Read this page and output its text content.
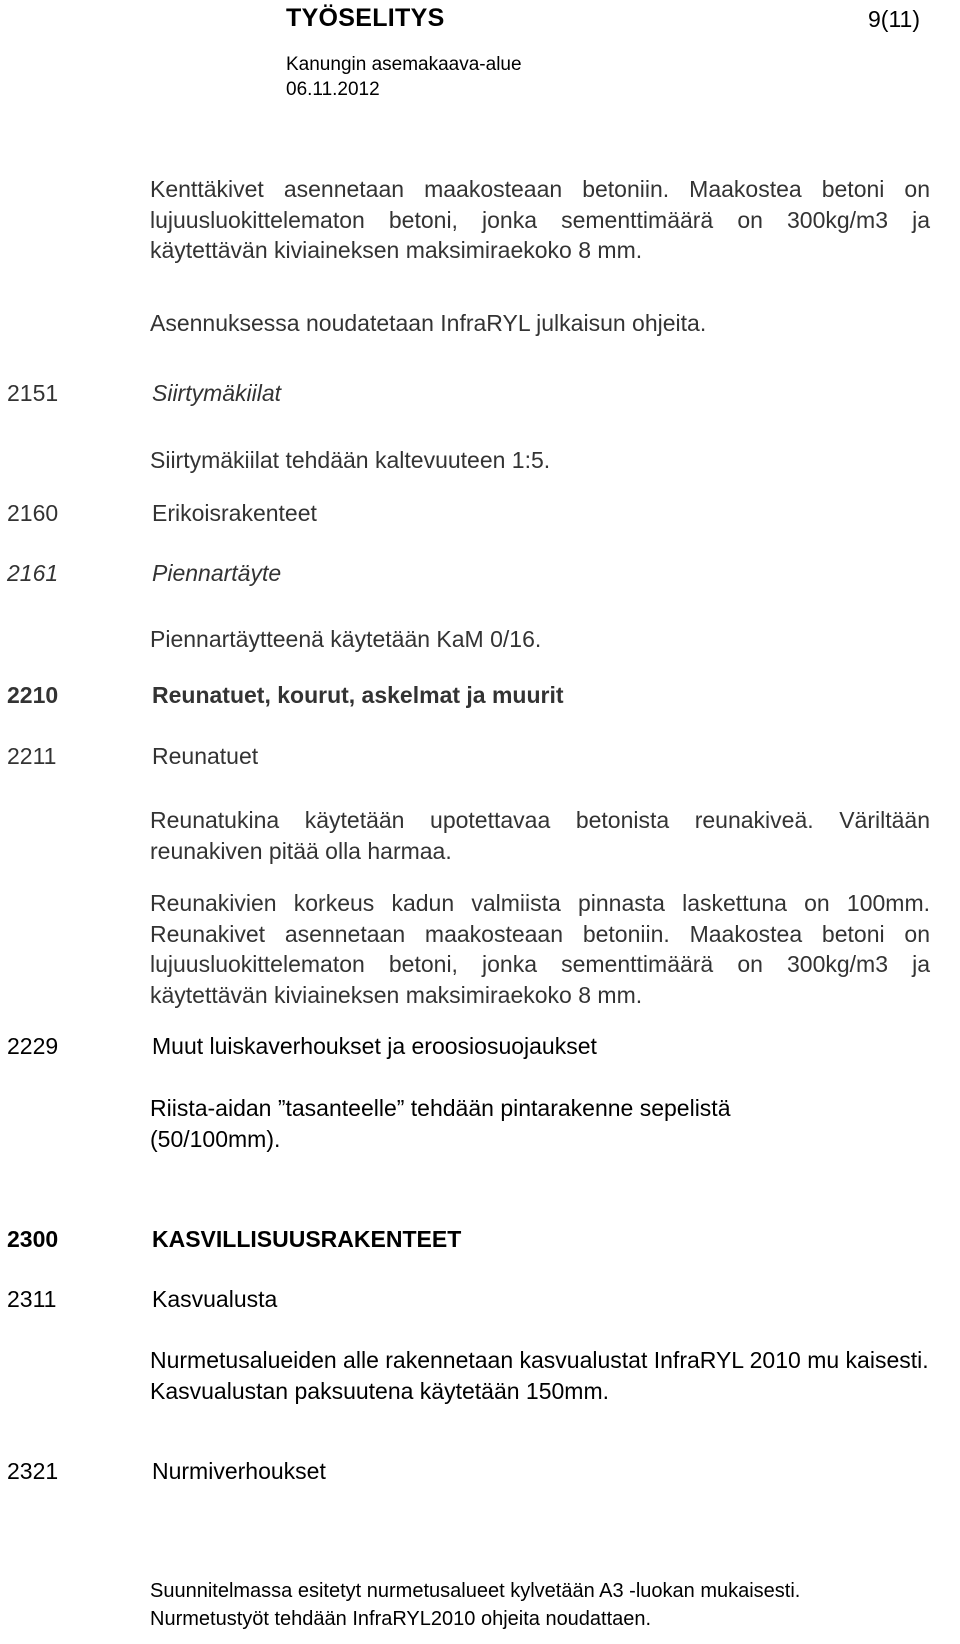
TYÖSELITYS	9(11)
Kanungin asemakaava-alue
06.11.2012
Kenttäkivet asennetaan maakosteaan betoniin. Maakostea betoni on lujuusluokittelematon betoni, jonka sementtimäärä on 300kg/m3 ja käytettävän kiviaineksen maksimiraekoko 8 mm.
Asennuksessa noudatetaan InfraRYL julkaisun ohjeita.
2151	Siirtymäkiilat
Siirtymäkiilat tehdään kaltevuuteen 1:5.
2160	Erikoisrakenteet
2161	Piennartäyte
Piennartäytteenä käytetään KaM 0/16.
2210	Reunatuet, kourut, askelmat ja muurit
2211	Reunatuet
Reunatukina käytetään upotettavaa betonista reunakiveä. Väriltään reunakiven pitää olla harmaa.
Reunakivien korkeus kadun valmiista pinnasta laskettuna on 100mm. Reunakivet asennetaan maakosteaan betoniin. Maakostea betoni on lujuusluokittelematon betoni, jonka sementtimäärä on 300kg/m3 ja käytettävän kiviaineksen maksimiraekoko 8 mm.
2229	Muut luiskaverhoukset ja eroosiosuojaukset
Riista-aidan ”tasanteelle” tehdään pintarakenne sepelistä (50/100mm).
2300	KASVILLISUUSRAKENTEET
2311	Kasvualusta
Nurmetusalueiden alle rakennetaan kasvualustat InfraRYL 2010 mu kaisesti. Kasvualustan paksuutena käytetään 150mm.
2321	Nurmiverhoukset
Suunnitelmassa esitetyt nurmetusalueet kylvetään A3 -luokan mukaisesti.
Nurmetustyöt tehdään InfraRYL2010 ohjeita noudattaen.
